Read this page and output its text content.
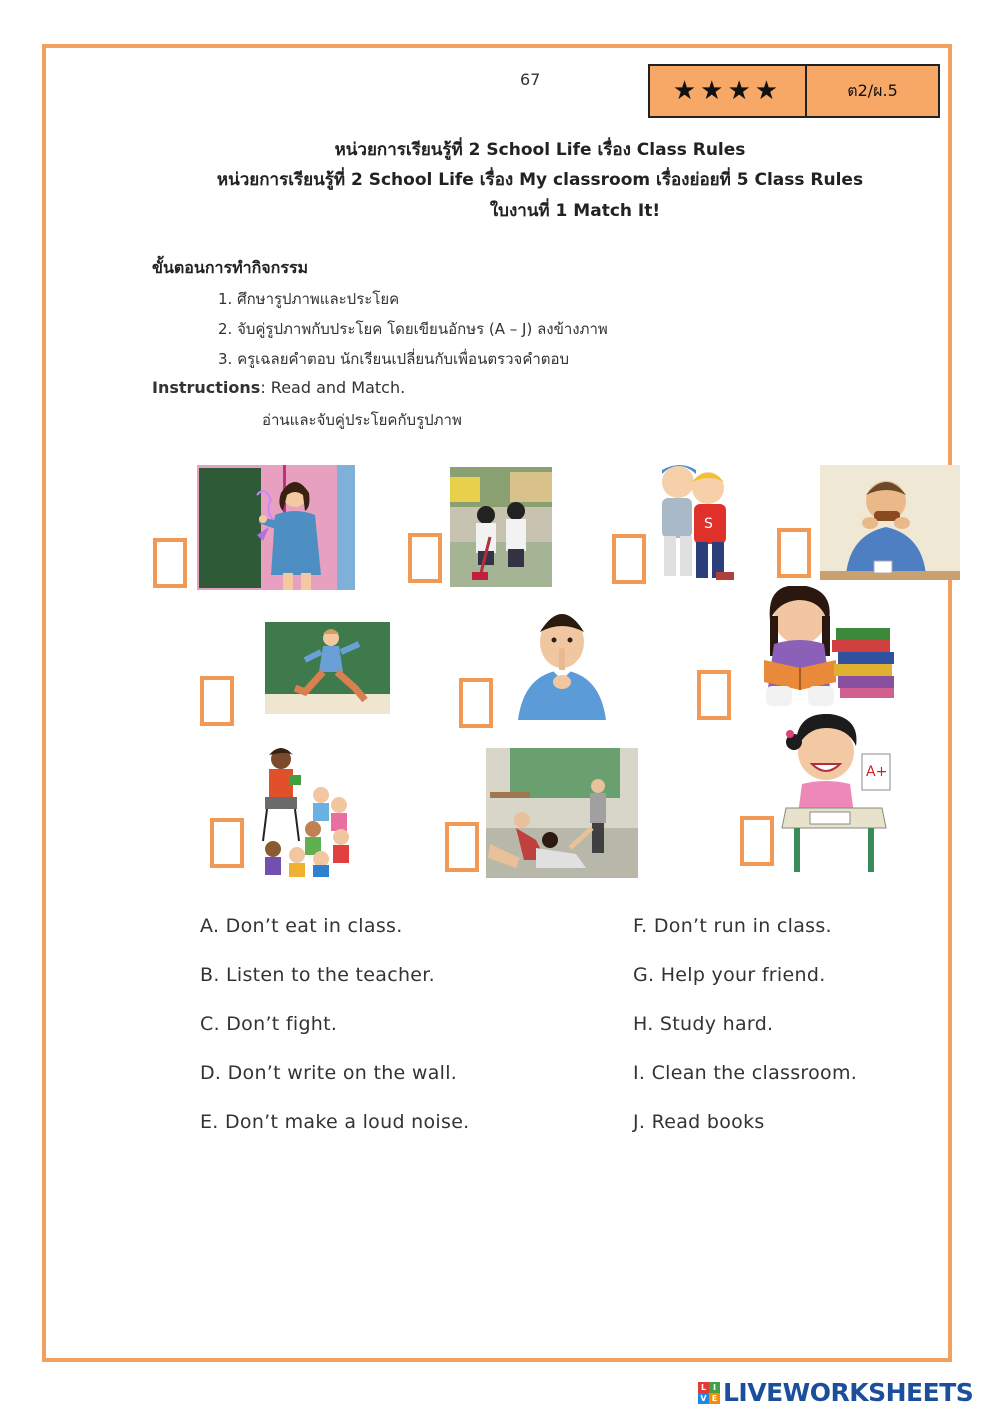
67	★★★★	ต2/ผ.5
หน่วยการเรียนรู้ที่ 2 School Life เรื่อง Class Rules
หน่วยการเรียนรู้ที่ 2 School Life เรื่อง My classroom เรื่องย่อยที่ 5 Class Rules
ใบงานที่ 1 Match It!
ขั้นตอนการทำกิจกรรม
1. ศึกษารูปภาพและประโยค
2. จับคู่รูปภาพกับประโยค โดยเขียนอักษร (A – J) ลงข้างภาพ
3. ครูเฉลยคำตอบ นักเรียนเปลี่ยนกับเพื่อนตรวจคำตอบ
Instructions: Read and Match.
อ่านและจับคู่ประโยคกับรูปภาพ
S
A+
A. Don’t eat in class.
B. Listen to the teacher.
C. Don’t fight.
D. Don’t write on the wall.
E. Don’t make a loud noise.
F. Don’t run in class.
G. Help your friend.
H. Study hard.
I. Clean the classroom.
J. Read books
L I
V E LIVEWORKSHEETS
